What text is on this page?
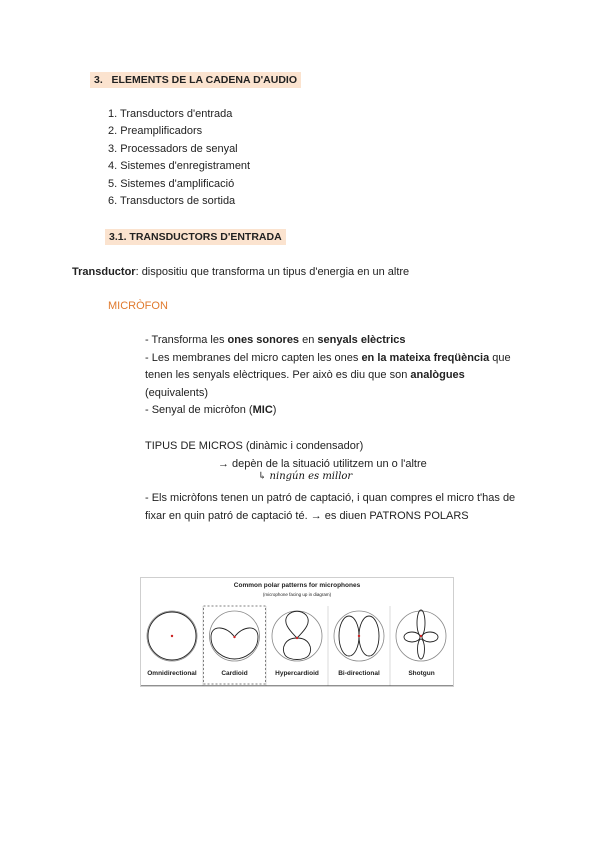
3. ELEMENTS DE LA CADENA D'AUDIO
1. Transductors d'entrada
2. Preamplificadors
3. Processadors de senyal
4. Sistemes d'enregistrament
5. Sistemes d'amplificació
6. Transductors de sortida
3.1. TRANSDUCTORS D'ENTRADA
Transductor: dispositiu que transforma un tipus d'energia en un altre
MICRÒFON
- Transforma les ones sonores en senyals elèctrics
- Les membranes del micro capten les ones en la mateixa freqüència que
tenen les senyals elèctriques. Per això es diu que son analògues
(equivalents)
- Senyal de micròfon (MIC)
TIPUS DE MICROS (dinàmic i condensador)
→ depèn de la situació utilitzem un o l'altre
↳ ningún es millor
- Els micròfons tenen un patró de captació, i quan compres el micro t'has de
fixar en quin patró de captació té. → es diuen PATRONS POLARS
Common polar patterns for microphones
(microphone facing up in diagram)
Omnidirectional	Cardioid	Hypercardioid	Bi-directional	Shotgun
